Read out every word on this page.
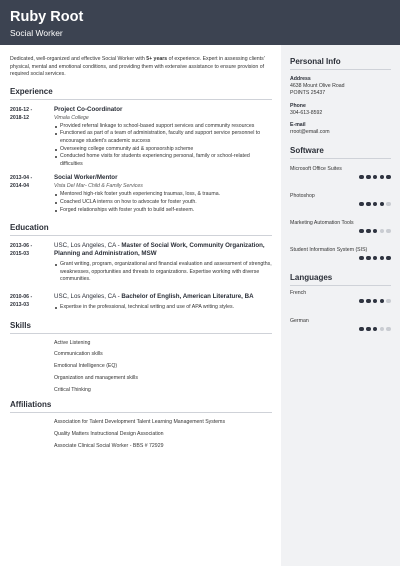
Ruby Root
Social Worker
Personal Info
Address
4638 Mount Olive Road
POINTS 25437
Phone
304-613-8592
E-mail
rroot@email.com
Software
Microsoft Office Suites
Photoshop
Marketing Automation Tools
Student Information System (SIS)
Languages
French
German
Dedicated, well-organized and effective Social Worker with 5+ years of experience. Expert in assessing clients' physical, mental and emotional conditions, and providing them with extensive assistance to ensure provision of required social services.
Experience
2016-12 -
2018-12
Project Co-Coordinator
Vimala College
Provided referral linkage to school-based support services and community resources
Functioned as part of a team of administration, faculty and support service personnel to encourage student's academic success
Overseeing college community aid & sponsorship scheme
Conducted home visits for students experiencing personal, family or school-related difficulties
2013-04 -
2014-04
Social Worker/Mentor
Vista Del Mar- Child & Family Services
Mentored high-risk foster youth experiencing traumas, loss, & trauma.
Coached UCLA interns on how to advocate for foster youth.
Forged relationships with foster youth to build self-esteem.
Education
2013-06 -
2015-03
USC, Los Angeles, CA - Master of Social Work, Community Organization, Planning and Administration, MSW
Grant writing, program, organizational and financial evaluation and assessment of strengths, weaknesses, opportunities and threats to organizations. Expertise working with diverse communities.
2010-06 -
2013-03
USC, Los Angeles, CA - Bachelor of English, American Literature, BA
Expertise in the professional, technical writing and use of APA writing styles.
Skills
Active Listening
Communication skills
Emotional Intelligence (EQ)
Organization and management skills
Critical Thinking
Affiliations
Association for Talent Development Talent Learning Management Systems
Quality Matters Instructional Design Association
Associate Clinical Social Worker - BBS # 72929
